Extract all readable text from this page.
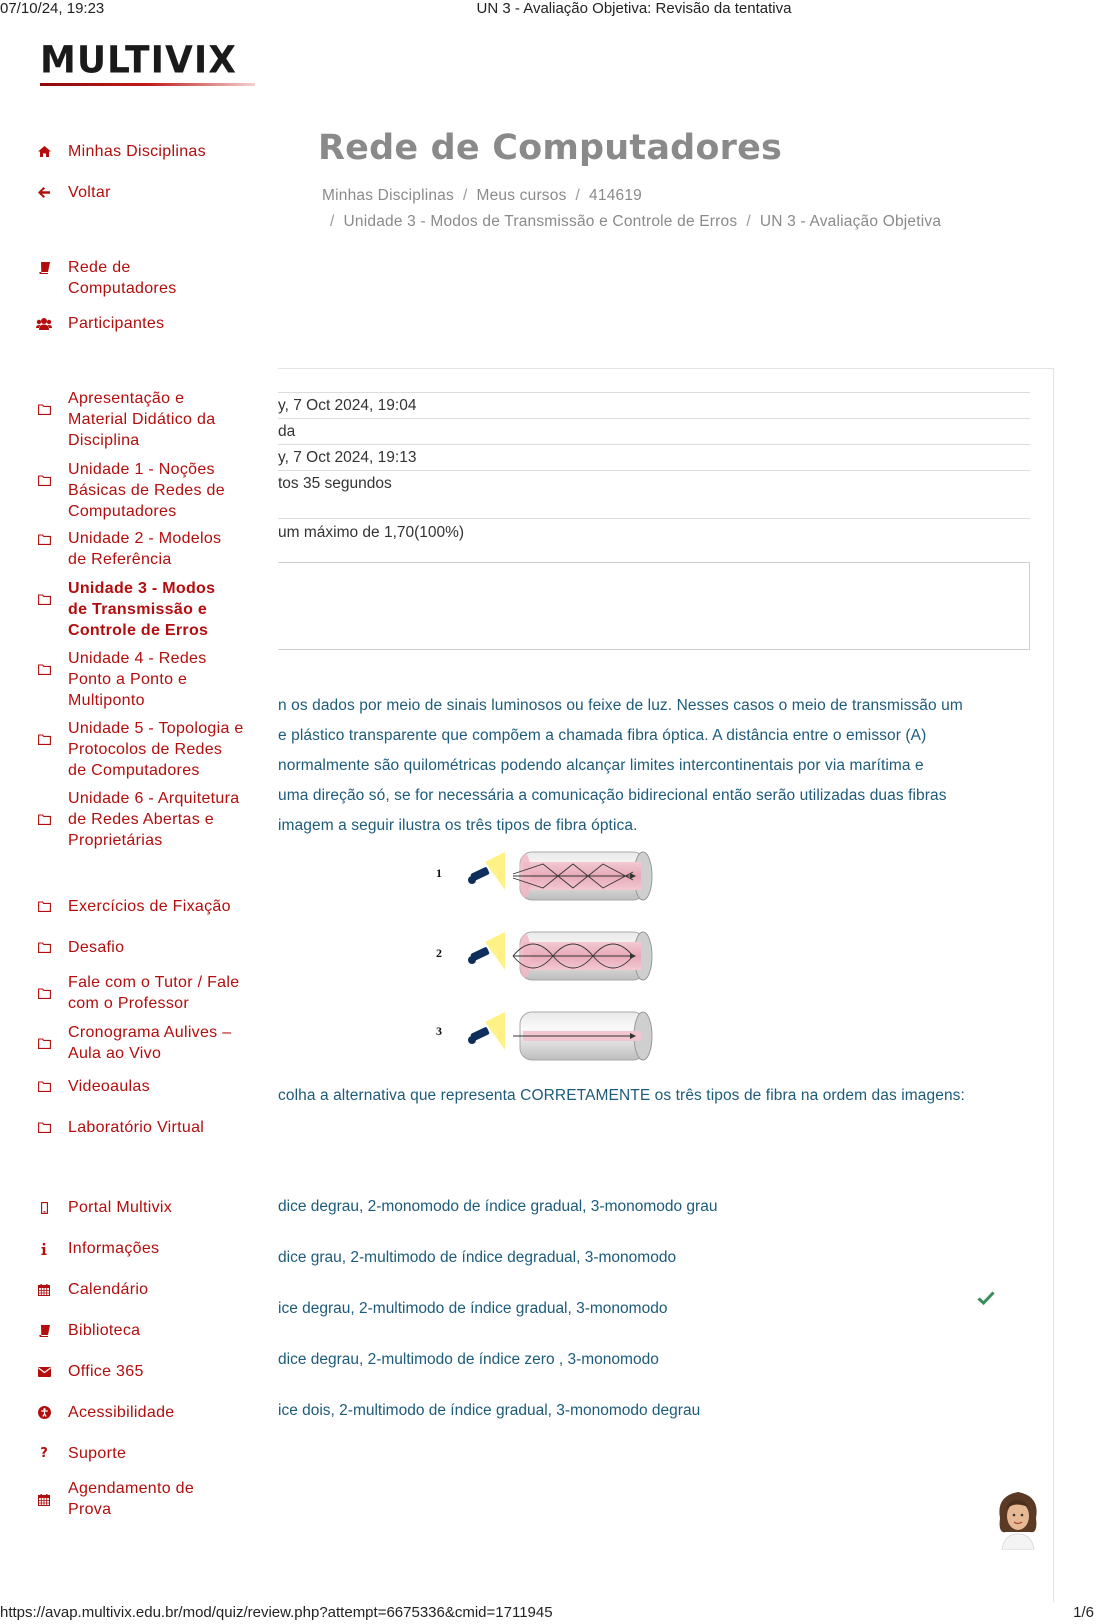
07/10/24, 19:23	UN 3 - Avaliação Objetiva: Revisão da tentativa
MULTIVIX
Minhas Disciplinas
Voltar
Rede de Computadores
Participantes
Apresentação e Material Didático da Disciplina
Unidade 1 - Noções Básicas de Redes de Computadores
Unidade 2 - Modelos de Referência
Unidade 3 - Modos de Transmissão e Controle de Erros
Unidade 4 - Redes Ponto a Ponto e Multiponto
Unidade 5 - Topologia e Protocolos de Redes de Computadores
Unidade 6 - Arquitetura de Redes Abertas e Proprietárias
Exercícios de Fixação
Desafio
Fale com o Tutor / Fale com o Professor
Cronograma Aulives – Aula ao Vivo
Videoaulas
Laboratório Virtual
Portal Multivix
Informações
Calendário
Biblioteca
Office 365
Acessibilidade
? Suporte
Agendamento de Prova
Rede de Computadores
Minhas Disciplinas / Meus cursos / 414619
/ Unidade 3 - Modos de Transmissão e Controle de Erros / UN 3 - Avaliação Objetiva
y, 7 Oct 2024, 19:04
da
y, 7 Oct 2024, 19:13
tos 35 segundos
um máximo de 1,70(100%)
n os dados por meio de sinais luminosos ou feixe de luz. Nesses casos o meio de transmissão um
e plástico transparente que compõem a chamada fibra óptica. A distância entre o emissor (A)
normalmente são quilométricas podendo alcançar limites intercontinentais por via marítima e
uma direção só, se for necessária a comunicação bidirecional então serão utilizadas duas fibras
imagem a seguir ilustra os três tipos de fibra óptica.
1
2
3
colha a alternativa que representa CORRETAMENTE os três tipos de fibra na ordem das imagens:
dice degrau, 2-monomodo de índice gradual, 3-monomodo grau
dice grau, 2-multimodo de índice degradual, 3-monomodo
ice degrau, 2-multimodo de índice gradual, 3-monomodo
dice degrau, 2-multimodo de índice zero , 3-monomodo
ice dois, 2-multimodo de índice gradual, 3-monomodo degrau
https://avap.multivix.edu.br/mod/quiz/review.php?attempt=6675336&cmid=1711945	1/6
